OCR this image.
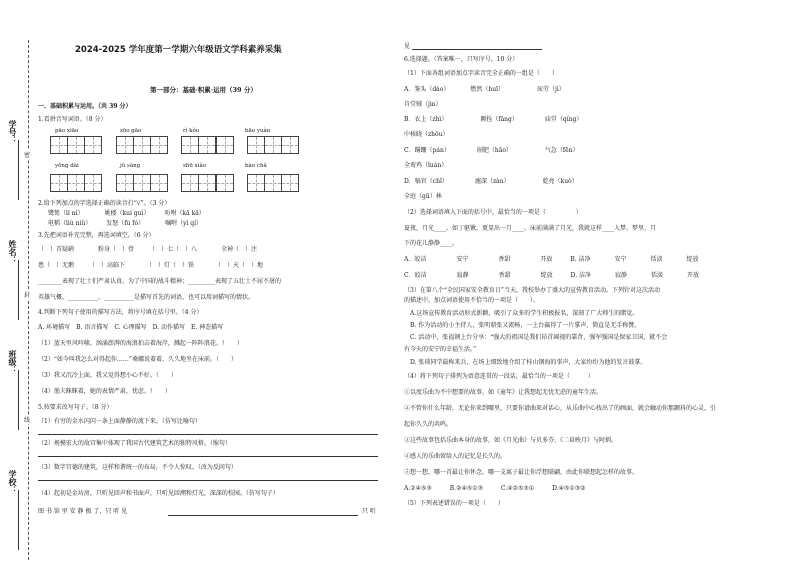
学号：
姓名：
班级：
学校：
密
封
线
2024-2025 学年度第一学期六年级语文学科素养采集
第一部分：基础·积累·运用（39 分）
一、基础积累与运用。（共 39 分）
1.看拼音写词语。（8 分）
pāo xiāo	zōo gāo	rì kòu	bāo yuàn
yōng dài	jū sàng	shū xiǎo	bào chǎ
2.给下列加点的字选择正确的读音打“√”。（3 分）
鹭鸶（lí ní）　　　　姚楼（kuí guì）　　　吩咐（kā kǎ）
电稻（liù niǔ）　　　发怒（fù fó）　　　　嘱咐（yì qí）
3.先把词语补充完整，再选词填空。（6 分）
（　）首疑鹞　　　　粉身（　）骨　　　（　）七（　）八　　　　全神（　）注
患（　）无鹅　　　（　）高临下　　　　（　）灯（　）铁　　　　（　）天（　）地
________表现了壮士们严肃认真、为了中国的战斗精神；_________表现了五壮士不屈不屠的
英雄气概。__________、__________是描写首先的词语，也可以用词描写的情状。
4.判断下列句子使用的描写方法，将序号填在括号里。（4 分）
A. 环境描写　B. 语言描写　C. 心理描写　D. 动作描写　E. 神态描写
（1）蓝天里风吟啸，汹涌澎湃的海浪拍击着海岸，溅起一阵阵浪花。（　　）
（2）“如今叫我怎么对得起你……”桑娜说着着，久久地坐在床前。（　　）
（3）我又沉冷上面，我又觉得想小心不好。（　　）
（4）渔夫眯眯着，她的表情严肃，忧虑。（　　）
5.按要求改写句子。（8 分）
（1）有穷的金水闪闪一条上面静静的流下来。（仿写比喻句）
（2）规模宏大的故宫集中体现了我国古代建筑艺术的独特风格。（缩句）
（3）数字宫德的建筑，这样和谐统一的布局，不令人惊叹。（改为反问句）
（4）起初是金坊房，只听见回声和书面声，只听见回溯和灯光，深深的校园。（仿写句子）
图 书 馆 里 安 静 极 了，只 听 见	只 听
见
6.选择题。（答案唯一，只写序号。10 分）
（1）下面各组词语加点字读音完全正确的一组是（　　）
A．鉴头（dào）　　　　燃然（huī）　　　　　　尿劳（jì）
肯堂贼（jìn）
B．衣上（zhì）　　　　　　颠拴（fāng）　　　　　庙堂（qíng）
中核晓（zhōu）
C．蹒跚（pán）　　　　　剐肥（hāo）　　　　　　气急（fēn）
全鸾鸡（luán）
D．犒官（chǐ）　　　　　瀍深（zàn）　　　　　　乾亮（kuò）
全庭（gū）林
（2）选择词语填入下面的括号中，最恰当的一项是（　　　　　）
夏夜，月光____。如丁驱锹，更显出一月____。床前满满了月光，我就这样____入梦。梦里，月
下的花儿静静____。
A．皎洁　　　　　安宁　　　　　香甜　　　　　开放　　　B. 洁净　　　　安宁　　　　恬淡　　　　绽放
C．皎洁　　　　　寂静　　　　　香甜　　　　　绽放　　　D. 洁净　　　　寂静　　　　恬淡　　　　开放
（3）在第八个“全民国家安全教育日”当天，我校举办了盛大的宣传教育活动。下列针对这次活动
的描述中，加点词语使用不恰当的一项是（　　）。
A.这场宣传教育活动形式新颖，吸引了众多的学生积极报名，深刻了广大师生的睹觉。
B. 作为活动的小主持人，张明鼎张又流畅，一上台赢得了一片掌声，简直是无手称赞。
C. 活动中，张福钢上台分享：“强大的祖国是我们昂首阔视的靠背，强军强国是保家卫国，就不会
有今天的安宁的幸福生活。”
D. 张琐同学最称来兵，在场上细致地介绍了桂山钢海的事声，大家纷纷为他的发言鼓掌。
（4）将下列句子排列为语意连贯的一段话，最恰当的一项是（　　　）
①以度乐曲为不中想要的故事。如《童年》让我想起无忧无虑的童年生活。
②不管你什么年龄，无论你来到哪里，只要你谱曲来对话心，从乐曲中心找出了的画面，就会触动你那颤抖的心灵，引
起你久久的共鸣。
③这些故事包括乐曲本身的故事，如《月光曲》与贝多芬、《二泉映月》与阿炳。
④感人的乐曲留给人的记忆是长久的。
⑤想一想，哪一首最让你怀念，哪一支离子最让你浮想联翩，由此你联想起怎样的故事。
A.②④⑤③　　　B.②④⑤①③　　　C.④②⑤③①　　　D.④⑤①③②
（5）下列表述错误的一项是（　　）
